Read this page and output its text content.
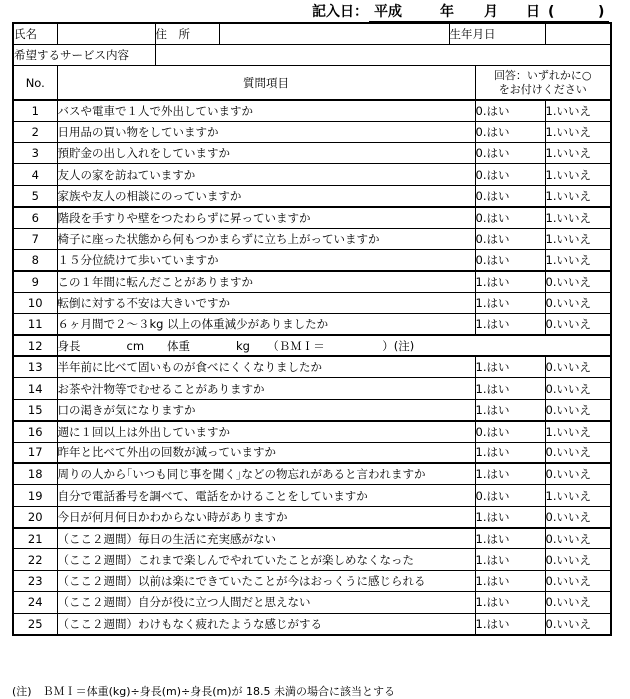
記入日：

平成

	年

月

日

(

	)

氏名		住　所		生年月日		
希望するサービス内容						
No.	質問項目				回答：いずれかに○
をお付けください	

1	バスや電車で１人で外出していますか				0.はい	1.いいえ
2	日用品の買い物をしていますか				0.はい	1.いいえ
3	預貯金の出し入れをしていますか				0.はい	1.いいえ
4	友人の家を訪ねていますか				0.はい	1.いいえ
5	家族や友人の相談にのっていますか				0.はい	1.いいえ
6	階段を手すりや壁をつたわらずに昇っていますか				0.はい	1.いいえ
7	椅子に座った状態から何もつかまらずに立ち上がっていますか				0.はい	1.いいえ
8	１５分位続けて歩いていますか				0.はい	1.いいえ
9	この１年間に転んだことがありますか				1.はい	0.いいえ
10	転倒に対する不安は大きいですか				1.はい	0.いいえ
11	６ヶ月間で２～３kg 以上の体重減少がありましたか				1.はい	0.いいえ
12	身長　　　　cm　　体重　　　　kg　　（ＢＭＩ＝　　　　　）(注)					
13	半年前に比べて固いものが食べにくくなりましたか				1.はい	0.いいえ
14	お茶や汁物等でむせることがありますか				1.はい	0.いいえ
15	口の渇きが気になりますか				1.はい	0.いいえ
16	週に１回以上は外出していますか				0.はい	1.いいえ
17	昨年と比べて外出の回数が減っていますか				1.はい	0.いいえ
18	周りの人から｢いつも同じ事を聞く｣などの物忘れがあると言われますか				1.はい	0.いいえ
19	自分で電話番号を調べて、電話をかけることをしていますか				0.はい	1.いいえ
20	今日が何月何日かわからない時がありますか				1.はい	0.いいえ
21	（ここ２週間）毎日の生活に充実感がない				1.はい	0.いいえ
22	（ここ２週間）これまで楽しんでやれていたことが楽しめなくなった				1.はい	0.いいえ
23	（ここ２週間）以前は楽にできていたことが今はおっくうに感じられる				1.はい	0.いいえ
24	（ここ２週間）自分が役に立つ人間だと思えない				1.はい	0.いいえ
25	（ここ２週間）わけもなく疲れたような感じがする				1.はい	0.いいえ
(注)　ＢＭＩ＝体重(kg)÷身長(m)÷身長(m)が 18.5 未満の場合に該当とする
